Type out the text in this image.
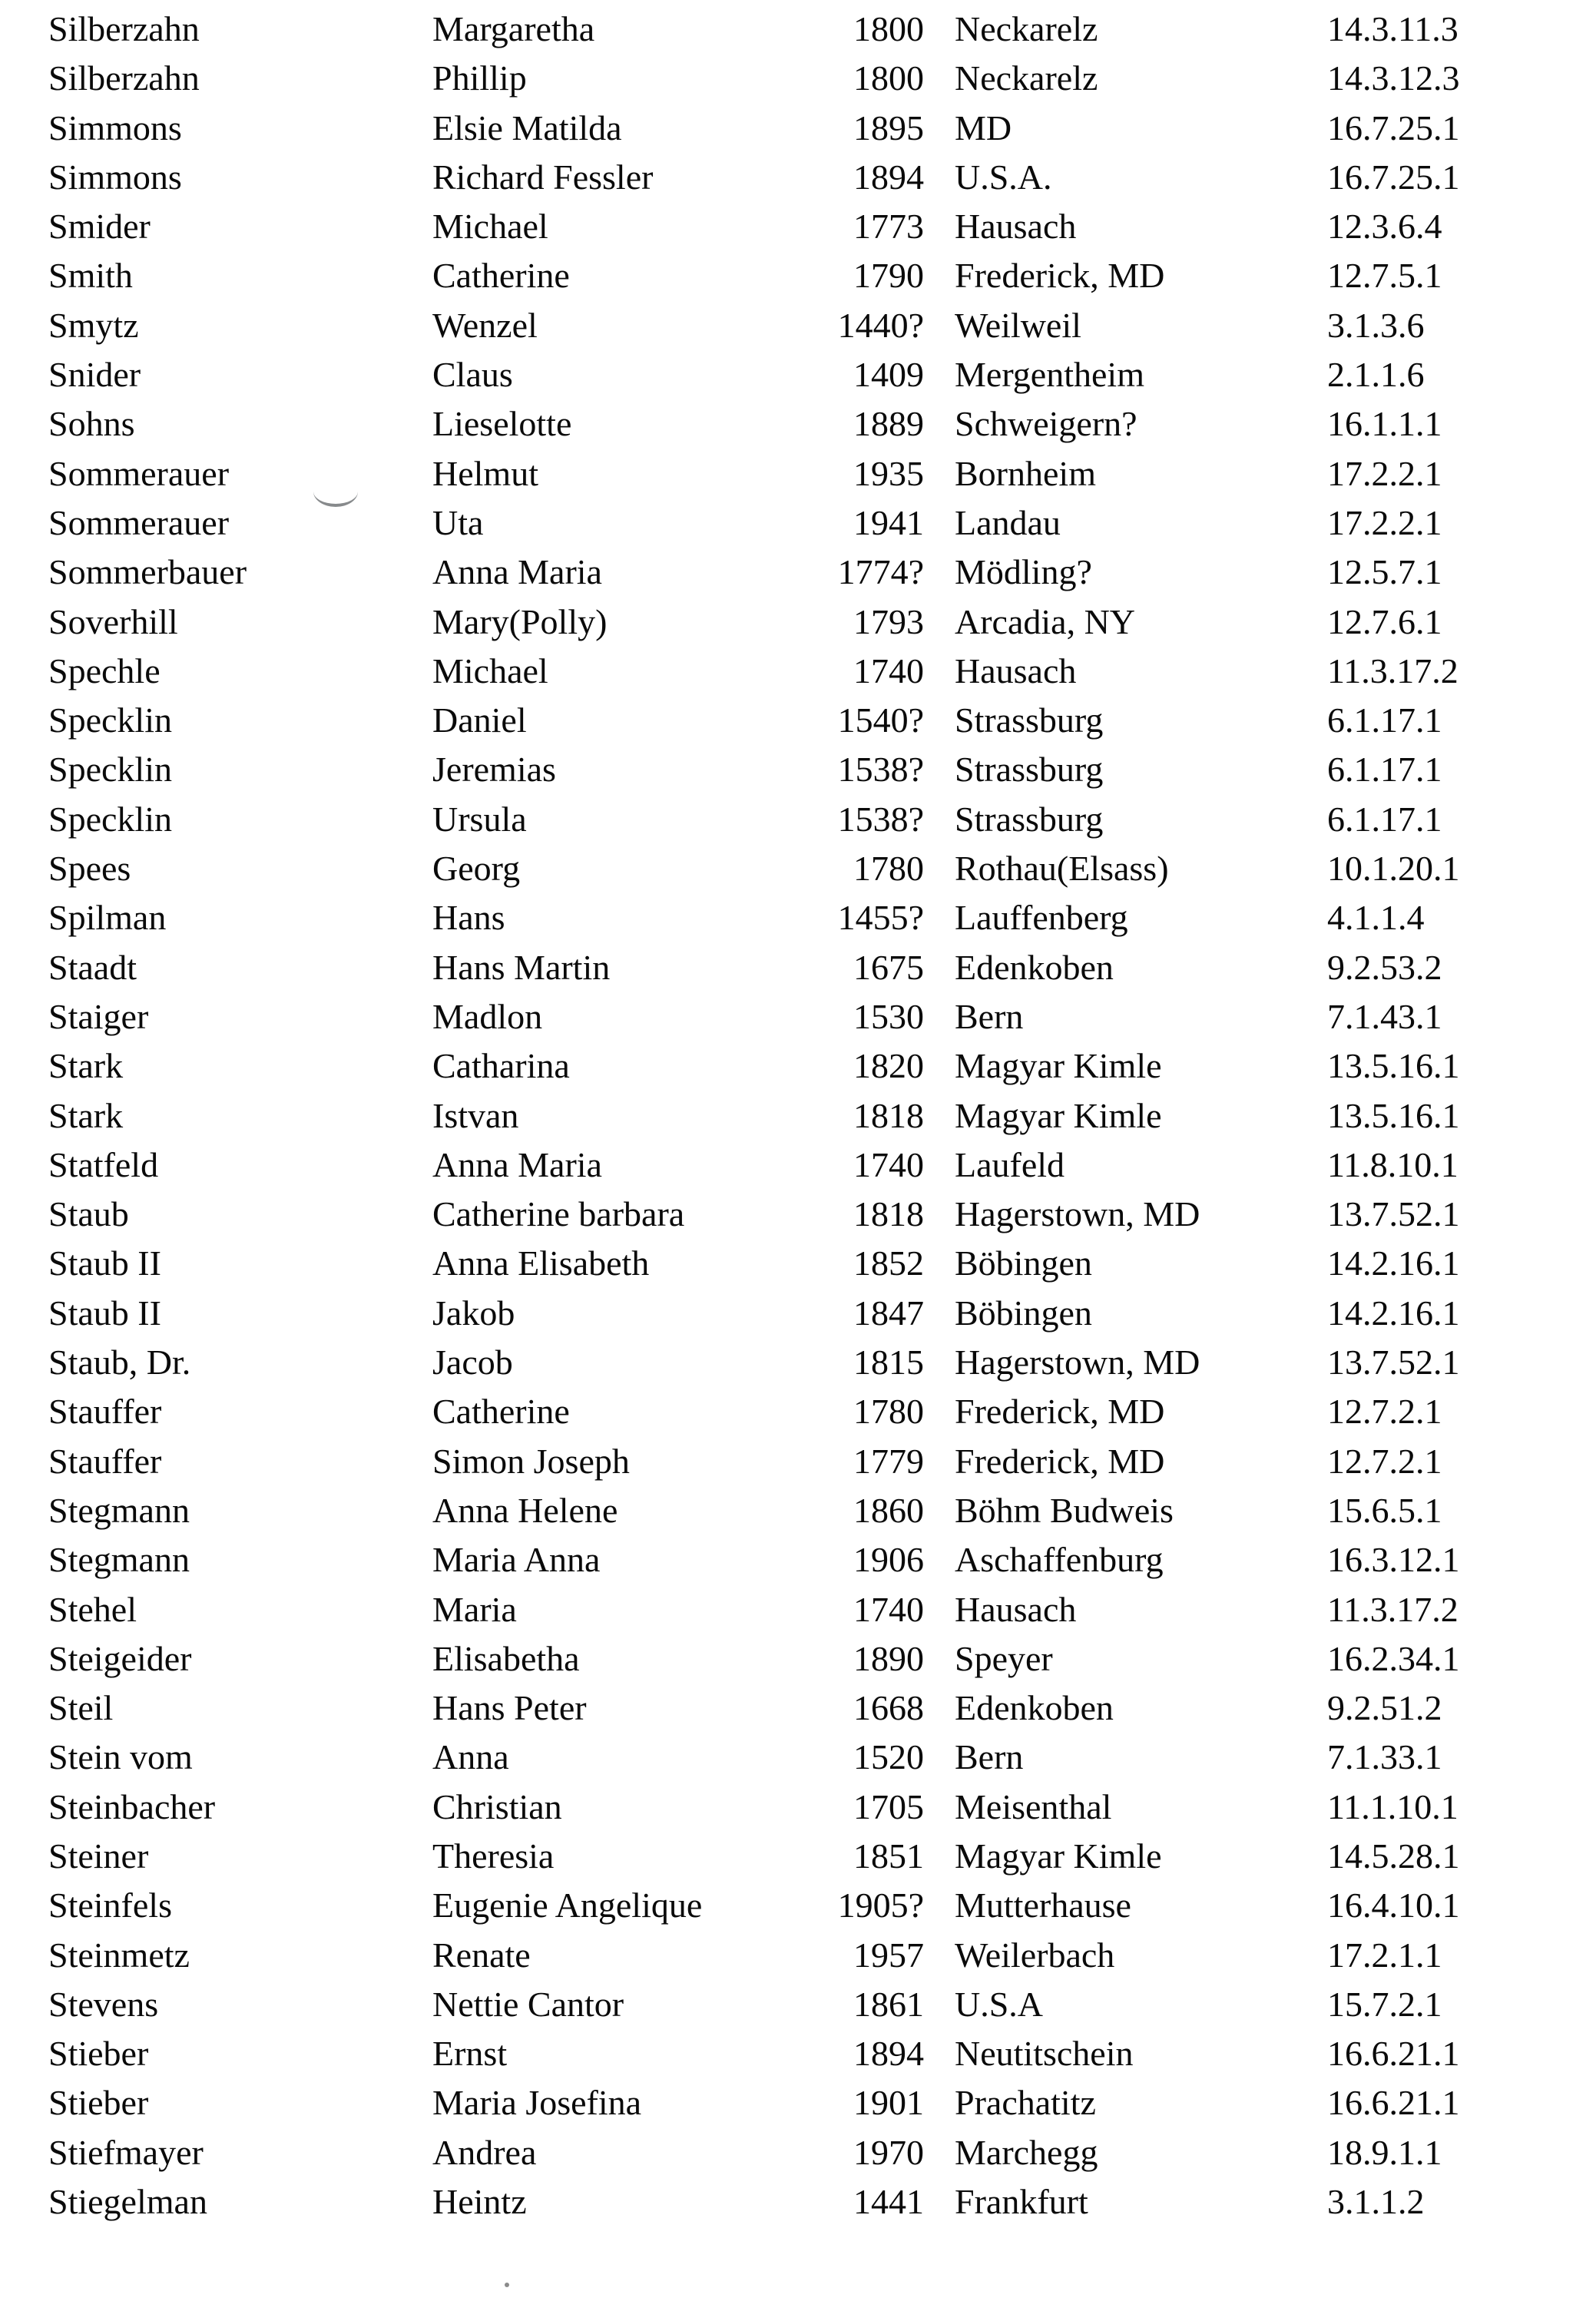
Silberzahn	Margaretha	1800 Neckarelz	14.3.11.3
Silberzahn	Phillip	1800 Neckarelz	14.3.12.3
Simmons	Elsie Matilda	1895 MD	16.7.25.1
Simmons	Richard Fessler	1894 U.S.A.	16.7.25.1
Smider	Michael	1773 Hausach	12.3.6.4
Smith	Catherine	1790 Frederick, MD	12.7.5.1
Smytz	Wenzel	1440? Weilweil	3.1.3.6
Snider	Claus	1409 Mergentheim	2.1.1.6
Sohns	Lieselotte	1889 Schweigern?	16.1.1.1
Sommerauer	Helmut	1935 Bornheim	17.2.2.1
Sommerauer	Uta	1941 Landau	17.2.2.1
Sommerbauer	Anna Maria	1774? Mödling?	12.5.7.1
Soverhill	Mary(Polly)	1793 Arcadia, NY	12.7.6.1
Spechle	Michael	1740 Hausach	11.3.17.2
Specklin	Daniel	1540? Strassburg	6.1.17.1
Specklin	Jeremias	1538? Strassburg	6.1.17.1
Specklin	Ursula	1538? Strassburg	6.1.17.1
Spees	Georg	1780 Rothau(Elsass)	10.1.20.1
Spilman	Hans	1455? Lauffenberg	4.1.1.4
Staadt	Hans Martin	1675 Edenkoben	9.2.53.2
Staiger	Madlon	1530 Bern	7.1.43.1
Stark	Catharina	1820 Magyar Kimle	13.5.16.1
Stark	Istvan	1818 Magyar Kimle	13.5.16.1
Statfeld	Anna Maria	1740 Laufeld	11.8.10.1
Staub	Catherine barbara	1818 Hagerstown, MD	13.7.52.1
Staub II	Anna Elisabeth	1852 Böbingen	14.2.16.1
Staub II	Jakob	1847 Böbingen	14.2.16.1
Staub, Dr.	Jacob	1815 Hagerstown, MD	13.7.52.1
Stauffer	Catherine	1780 Frederick, MD	12.7.2.1
Stauffer	Simon Joseph	1779 Frederick, MD	12.7.2.1
Stegmann	Anna Helene	1860 Böhm Budweis	15.6.5.1
Stegmann	Maria Anna	1906 Aschaffenburg	16.3.12.1
Stehel	Maria	1740 Hausach	11.3.17.2
Steigeider	Elisabetha	1890 Speyer	16.2.34.1
Steil	Hans Peter	1668 Edenkoben	9.2.51.2
Stein vom	Anna	1520 Bern	7.1.33.1
Steinbacher	Christian	1705 Meisenthal	11.1.10.1
Steiner	Theresia	1851 Magyar Kimle	14.5.28.1
Steinfels	Eugenie Angelique	1905? Mutterhause	16.4.10.1
Steinmetz	Renate	1957 Weilerbach	17.2.1.1
Stevens	Nettie Cantor	1861 U.S.A	15.7.2.1
Stieber	Ernst	1894 Neutitschein	16.6.21.1
Stieber	Maria Josefina	1901 Prachatitz	16.6.21.1
Stiefmayer	Andrea	1970 Marchegg	18.9.1.1
Stiegelman	Heintz	1441 Frankfurt	3.1.1.2
